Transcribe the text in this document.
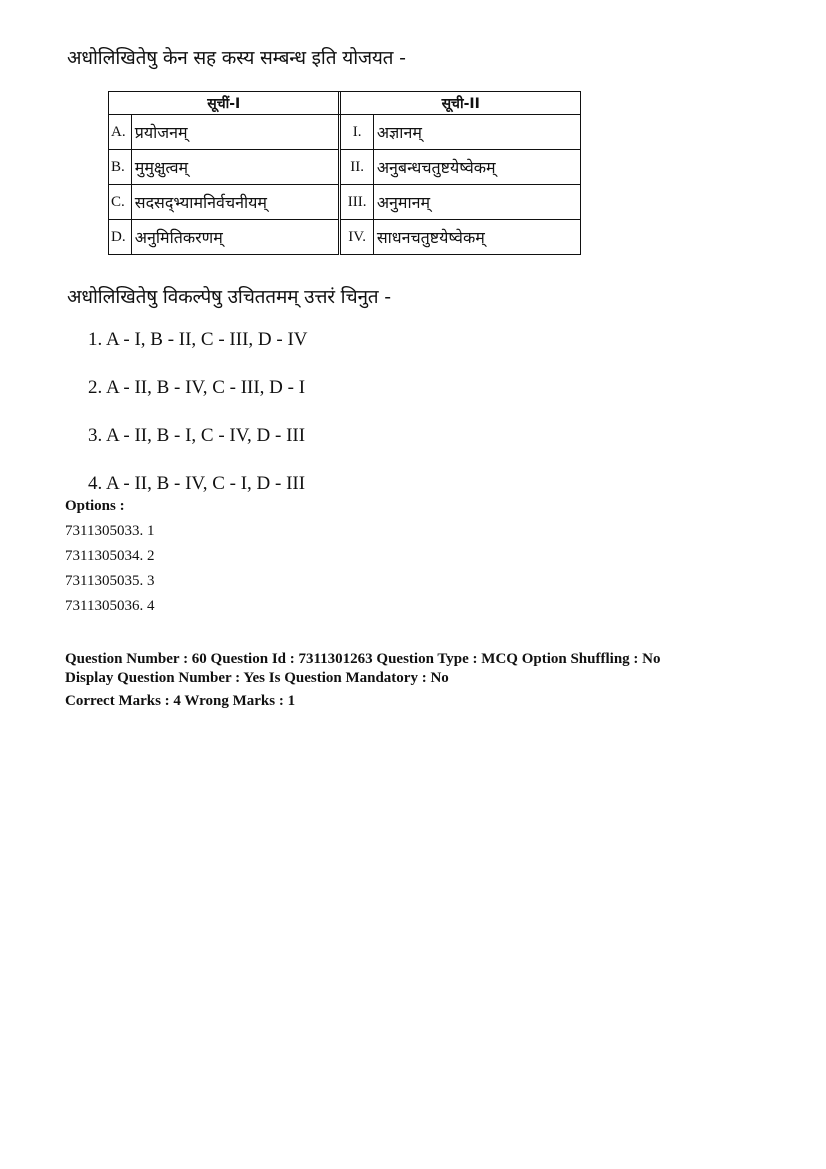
अधोलिखितेषु केन सह कस्य सम्बन्ध इति योजयत -
सूचीं-I			सूची-II	
A.	प्रयोजनम्		I.	अज्ञानम्
B.	मुमुक्षुत्वम्		II.	अनुबन्धचतुष्टयेष्वेकम्
C.	सदसद्भ्यामनिर्वचनीयम्		III.	अनुमानम्
D.	अनुमितिकरणम्		IV.	साधनचतुष्टयेष्वेकम्
अधोलिखितेषु विकल्पेषु उचिततमम् उत्तरं चिनुत -
1. A - I, B - II, C - III, D - IV
2. A - II, B - IV, C - III, D - I
3. A - II, B - I, C - IV, D - III
4. A - II, B - IV, C - I, D - III
Options :
7311305033. 1
7311305034. 2
7311305035. 3
7311305036. 4
Question Number : 60 Question Id : 7311301263 Question Type : MCQ Option Shuffling : No
Display Question Number : Yes Is Question Mandatory : No
Correct Marks : 4 Wrong Marks : 1
